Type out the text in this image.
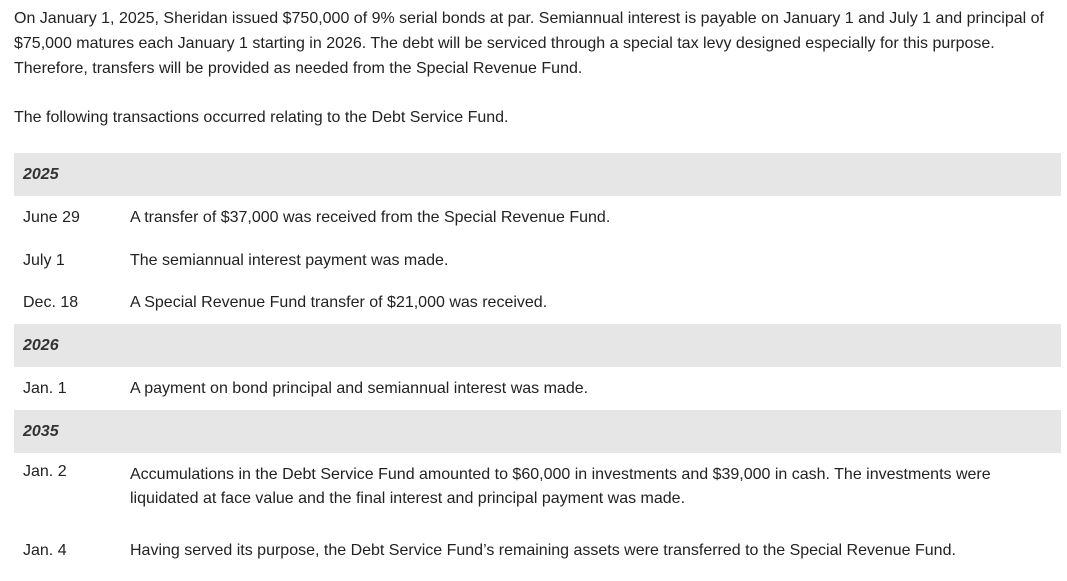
On January 1, 2025, Sheridan issued $750,000 of 9% serial bonds at par. Semiannual interest is payable on January 1 and July 1 and principal of $75,000 matures each January 1 starting in 2026. The debt will be serviced through a special tax levy designed especially for this purpose. Therefore, transfers will be provided as needed from the Special Revenue Fund.

The following transactions occurred relating to the Debt Service Fund.

2025
June 29	A transfer of $37,000 was received from the Special Revenue Fund.
July 1	The semiannual interest payment was made.
Dec. 18	A Special Revenue Fund transfer of $21,000 was received.
2026
Jan. 1	A payment on bond principal and semiannual interest was made.
2035
Jan. 2	Accumulations in the Debt Service Fund amounted to $60,000 in investments and $39,000 in cash. The investments were liquidated at face value and the final interest and principal payment was made.
Jan. 4	Having served its purpose, the Debt Service Fund’s remaining assets were transferred to the Special Revenue Fund.
